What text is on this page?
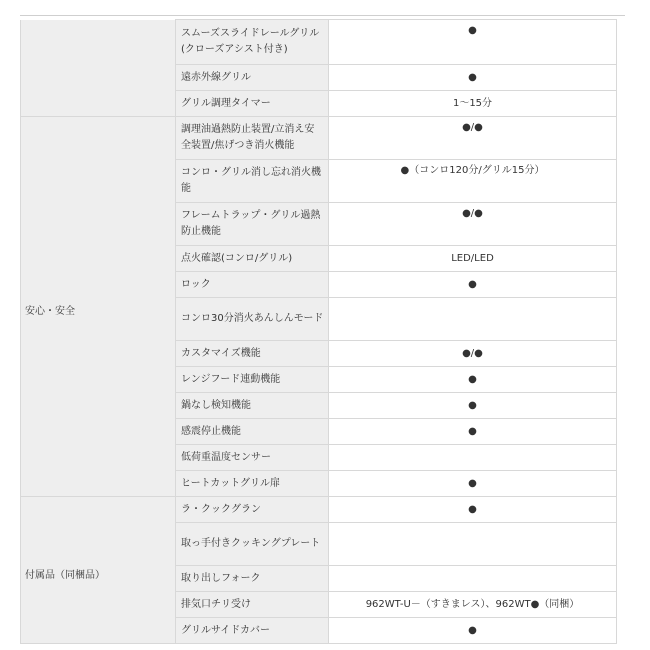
	スムーズスライドレールグリル(クローズアシスト付き)	●
	遠赤外線グリル	●
	グリル調理タイマー	1〜15分
安心・安全	調理油過熱防止装置/立消え安全装置/焦げつき消火機能	●/●
	コンロ・グリル消し忘れ消火機能	●（コンロ120分/グリル15分）
	フレームトラップ・グリル過熱防止機能	●/●
	点火確認(コンロ/グリル)	LED/LED
	ロック	●
	コンロ30分消火あんしんモード	
	カスタマイズ機能	●/●
	レンジフード連動機能	●
	鍋なし検知機能	●
	感震停止機能	●
	低荷重温度センサー	
	ヒートカットグリル扉	●
付属品（同梱品）	ラ・クックグラン	●
	取っ手付きクッキングプレート	
	取り出しフォーク	
	排気口チリ受け	962WT-U－（すきまレス）、962WT●（同梱）
	グリルサイドカバー	●
